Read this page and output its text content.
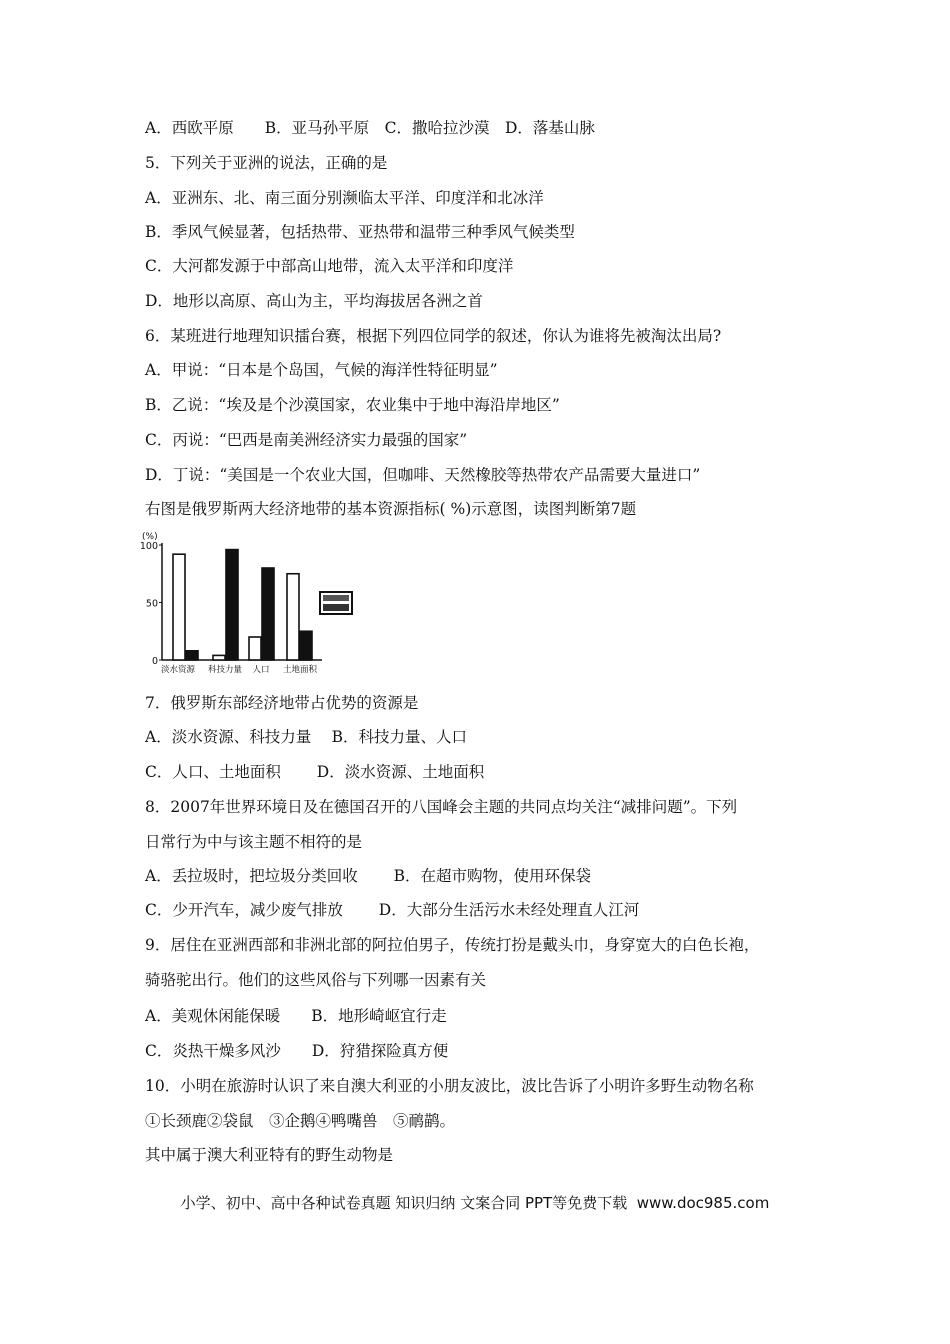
A．西欧平原　　B．亚马孙平原　C．撒哈拉沙漠　D．落基山脉
5．下列关于亚洲的说法，正确的是
A．亚洲东、北、南三面分别濒临太平洋、印度洋和北冰洋
B．季风气候显著，包括热带、亚热带和温带三种季风气候类型
C．大河都发源于中部高山地带，流入太平洋和印度洋
D．地形以高原、高山为主，平均海拔居各洲之首
6．某班进行地理知识擂台赛，根据下列四位同学的叙述，你认为谁将先被淘汰出局?
A．甲说：“日本是个岛国，气候的海洋性特征明显”
B．乙说：“埃及是个沙漠国家，农业集中于地中海沿岸地区”
C．丙说：“巴西是南美洲经济实力最强的国家”
D．丁说：“美国是一个农业大国，但咖啡、天然橡胶等热带农产品需要大量进口”
右图是俄罗斯两大经济地带的基本资源指标( %)示意图，读图判断第7题
7．俄罗斯东部经济地带占优势的资源是
A．淡水资源、科技力量　 B．科技力量、人口
C．人口、土地面积　　 D．淡水资源、土地面积
8．2007年世界环境日及在德国召开的八国峰会主题的共同点均关注“减排问题”。下列
日常行为中与该主题不相符的是
A．丢拉圾时，把垃圾分类回收　　 B．在超市购物，使用环保袋
C．少开汽车，减少废气排放　　 D．大部分生活污水未经处理直人江河
9．居住在亚洲西部和非洲北部的阿拉伯男子，传统打扮是戴头巾，身穿宽大的白色长袍，
骑骆驼出行。他们的这些风俗与下列哪一因素有关
A．美观休闲能保暖　　B．地形崎岖宜行走
C．炎热干燥多风沙　　D．狩猎探险真方便
10．小明在旅游时认识了来自澳大利亚的小朋友波比，波比告诉了小明许多野生动物名称
①长颈鹿②袋鼠　③企鹅④鸭嘴兽　⑤鸸鹋。
其中属于澳大利亚特有的野生动物是
(%)
100
50
0
淡水资源 科技力量 人口 土地面积
小学、初中、高中各种试卷真题 知识归纳 文案合同 PPT等免费下载  www.doc985.com
